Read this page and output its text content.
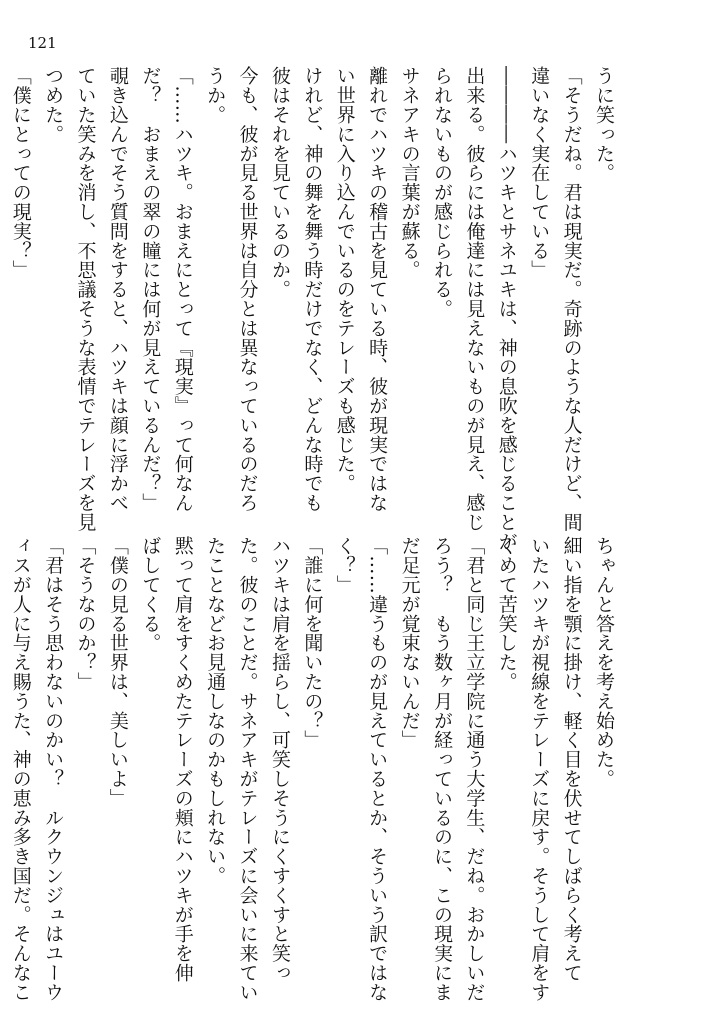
121

うに笑った。

「そうだね。君は現実だ。奇跡のような人だけど、間

違いなく実在している」

――――ハツキとサネユキは、神の息吹を感じることが

出来る。彼らには俺達には見えないものが見え、感じ

られないものが感じられる。

サネアキの言葉が蘇る。

離れでハツキの稽古を見ている時、彼が現実ではな

い世界に入り込んでいるのをテレーズも感じた。

けれど、神の舞を舞う時だけでなく、どんな時でも

彼はそれを見ているのか。

今も、彼が見る世界は自分とは異なっているのだろ

うか。

「……ハツキ。おまえにとって『現実』って何なん

だ？　おまえの翠の瞳には何が見えているんだ？」

覗き込んでそう質問をすると、ハツキは顔に浮かべ

ていた笑みを消し、不思議そうな表情でテレーズを見

つめた。

「僕にとっての現実？」

ちゃんと答えを考え始めた。

細い指を顎に掛け、軽く目を伏せてしばらく考えて

いたハツキが視線をテレーズに戻す。そうして肩をす

くめて苦笑した。

「君と同じ王立学院に通う大学生、だね。おかしいだ

ろう？　もう数ヶ月が経っているのに、この現実にま

だ足元が覚束ないんだ」

「……違うものが見えているとか、そういう訳ではな

く？」

「誰に何を聞いたの？」

ハツキは肩を揺らし、可笑しそうにくすくすと笑っ

た。彼のことだ。サネアキがテレーズに会いに来てい

たことなどお見通しなのかもしれない。

黙って肩をすくめたテレーズの頬にハツキが手を伸

ばしてくる。

「僕の見る世界は、美しいよ」

「そうなのか？」

「君はそう思わないのかい？　ルクウンジュはユーウ

ィスが人に与え賜うた、神の恵み多き国だ。そんなこ
